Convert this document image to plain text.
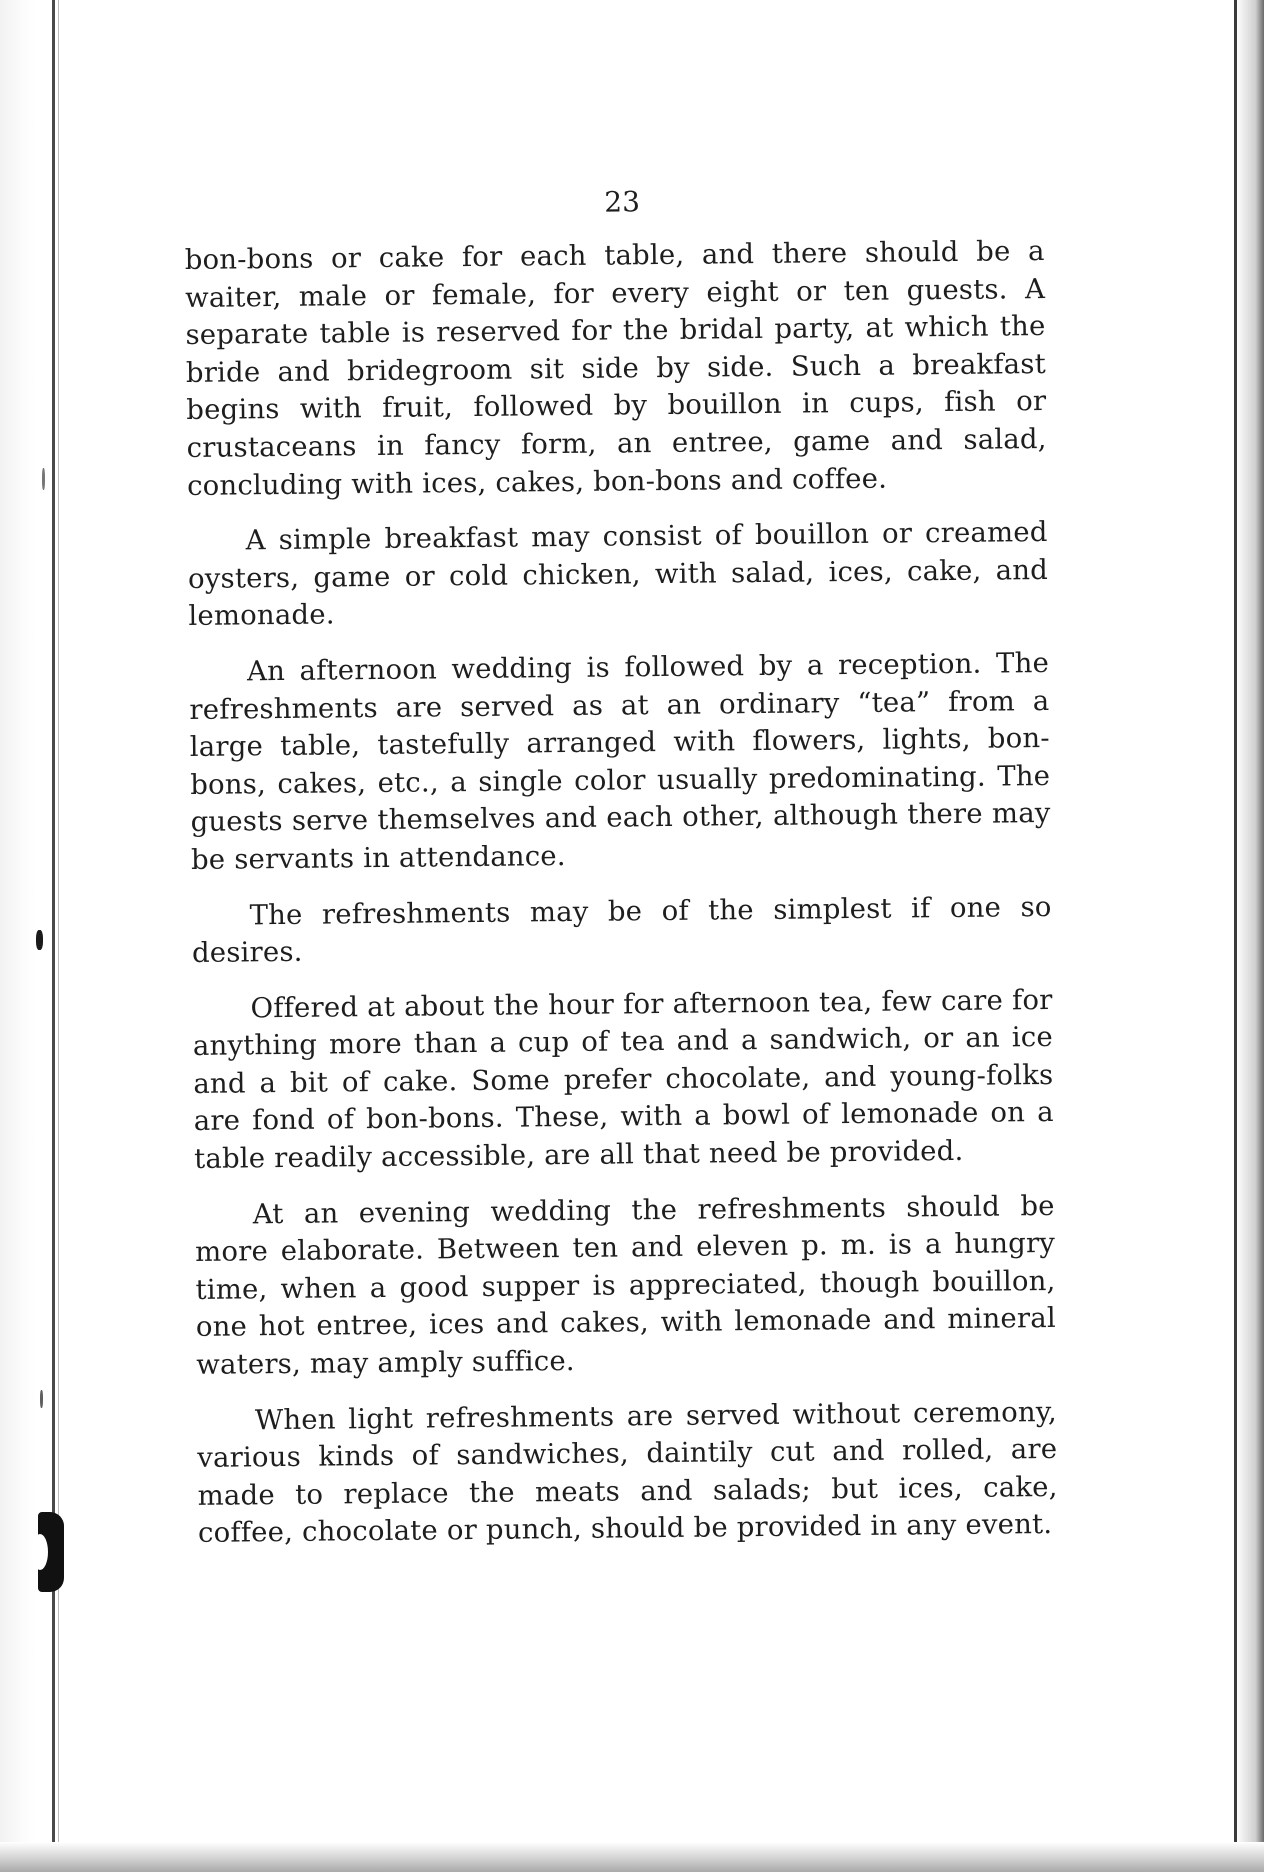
23

bon-bons or cake for each table, and there should be a waiter, male or female, for every eight or ten guests. A separate table is reserved for the bridal party, at which the bride and bridegroom sit side by side. Such a breakfast begins with fruit, followed by bouillon in cups, fish or crustaceans in fancy form, an entree, game and salad, concluding with ices, cakes, bon-bons and coffee.

A simple breakfast may consist of bouillon or creamed oysters, game or cold chicken, with salad, ices, cake, and lemonade.

An afternoon wedding is followed by a reception. The refreshments are served as at an ordinary “tea” from a large table, tastefully arranged with flowers, lights, bon-bons, cakes, etc., a single color usually predominating. The guests serve themselves and each other, although there may be servants in attendance.

The refreshments may be of the simplest if one so desires.

Offered at about the hour for afternoon tea, few care for anything more than a cup of tea and a sandwich, or an ice and a bit of cake. Some prefer chocolate, and young-folks are fond of bon-bons. These, with a bowl of lemonade on a table readily accessible, are all that need be provided.

At an evening wedding the refreshments should be more elaborate. Between ten and eleven p. m. is a hungry time, when a good supper is appreciated, though bouillon, one hot entree, ices and cakes, with lemonade and mineral waters, may amply suffice.

When light refreshments are served without ceremony, various kinds of sandwiches, daintily cut and rolled, are made to replace the meats and salads; but ices, cake, coffee, chocolate or punch, should be provided in any event.
